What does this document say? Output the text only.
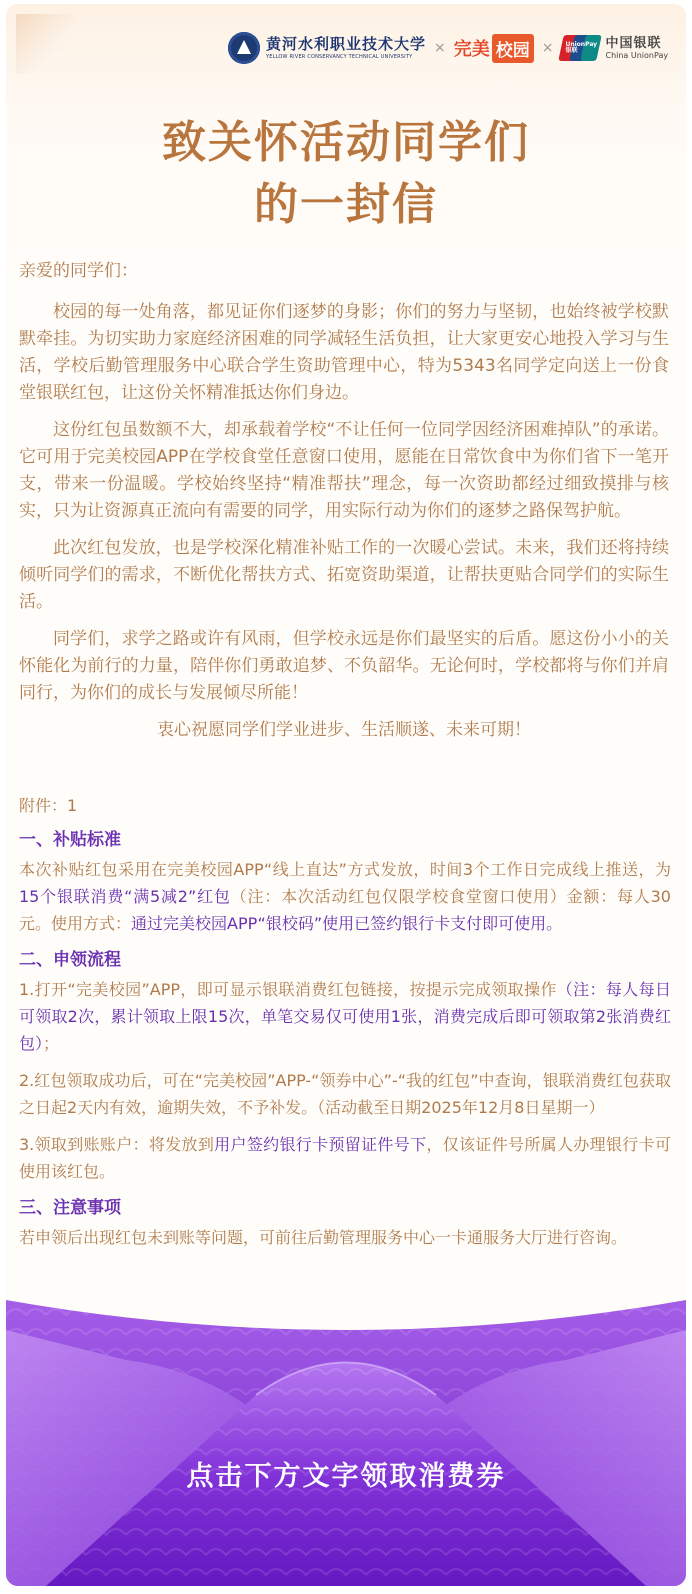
黄河水利职业技术大学
YELLOW RIVER CONSERVANCY TECHNICAL UNIVERSITY
× 完美 校园 × UnionPay 银联	中国银联
China UnionPay
致关怀活动同学们
的一封信

亲爱的同学们：

校园的每一处角落，都见证你们逐梦的身影；你们的努力与坚韧，也始终被学校默默牵挂。为切实助力家庭经济困难的同学减轻生活负担，让大家更安心地投入学习与生活，学校后勤管理服务中心联合学生资助管理中心，特为5343名同学定向送上一份食堂银联红包，让这份关怀精准抵达你们身边。

这份红包虽数额不大，却承载着学校“不让任何一位同学因经济困难掉队”的承诺。它可用于完美校园APP在学校食堂任意窗口使用，愿能在日常饮食中为你们省下一笔开支，带来一份温暖。学校始终坚持“精准帮扶”理念，每一次资助都经过细致摸排与核实，只为让资源真正流向有需要的同学，用实际行动为你们的逐梦之路保驾护航。

此次红包发放，也是学校深化精准补贴工作的一次暖心尝试。未来，我们还将持续倾听同学们的需求，不断优化帮扶方式、拓宽资助渠道，让帮扶更贴合同学们的实际生活。

同学们，求学之路或许有风雨，但学校永远是你们最坚实的后盾。愿这份小小的关怀能化为前行的力量，陪伴你们勇敢追梦、不负韶华。无论何时，学校都将与你们并肩同行，为你们的成长与发展倾尽所能！

衷心祝愿同学们学业进步、生活顺遂、未来可期！

附件：1

一、补贴标准

本次补贴红包采用在完美校园APP“线上直达”方式发放，时间3个工作日完成线上推送，为15个银联消费“满5减2”红包（注：本次活动红包仅限学校食堂窗口使用）金额：每人30元。使用方式：通过完美校园APP“银校码”使用已签约银行卡支付即可使用。

二、申领流程

1.打开“完美校园”APP，即可显示银联消费红包链接，按提示完成领取操作（注：每人每日可领取2次，累计领取上限15次，单笔交易仅可使用1张，消费完成后即可领取第2张消费红包）；

2.红包领取成功后，可在“完美校园”APP-“领券中心”-“我的红包”中查询，银联消费红包获取之日起2天内有效，逾期失效，不予补发。（活动截至日期2025年12月8日星期一）

3.领取到账账户：将发放到用户签约银行卡预留证件号下，仅该证件号所属人办理银行卡可使用该红包。

三、注意事项

若申领后出现红包未到账等问题，可前往后勤管理服务中心一卡通服务大厅进行咨询。

点击下方文字领取消费券
